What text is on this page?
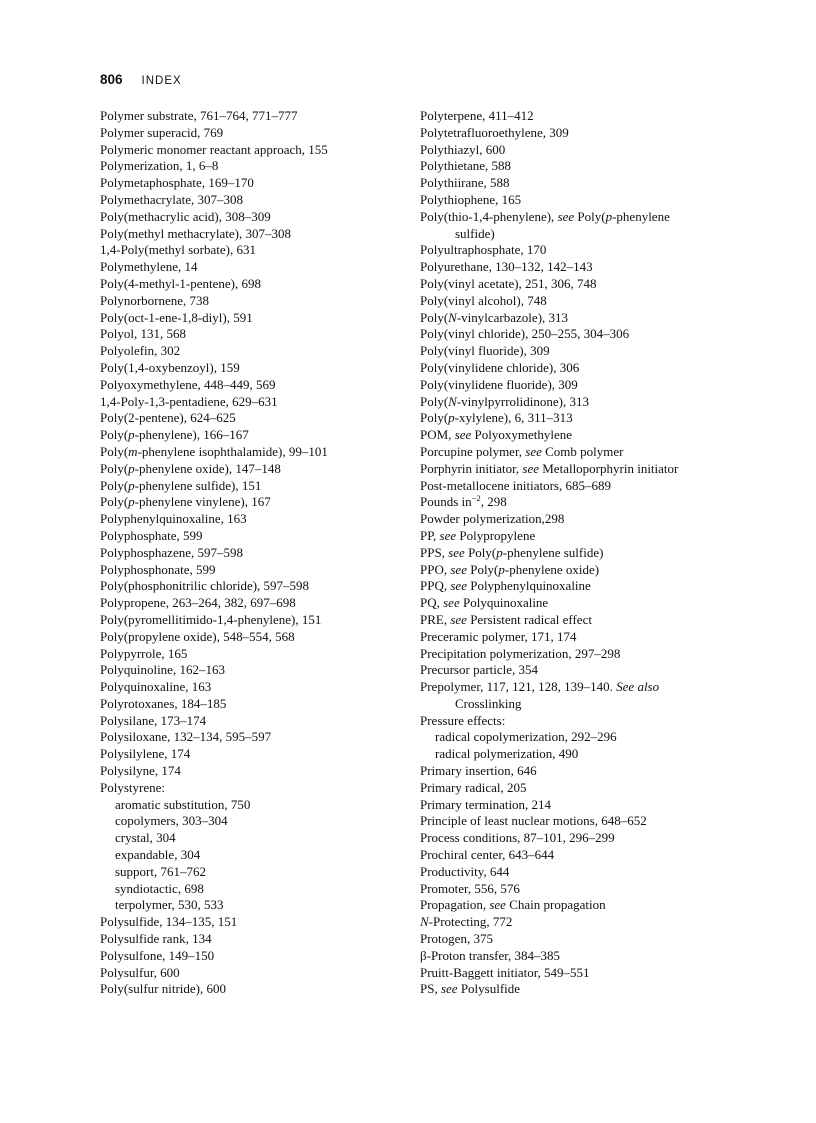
806 INDEX
Polymer substrate, 761–764, 771–777
Polymer superacid, 769
Polymeric monomer reactant approach, 155
Polymerization, 1, 6–8
Polymetaphosphate, 169–170
Polymethacrylate, 307–308
Poly(methacrylic acid), 308–309
Poly(methyl methacrylate), 307–308
1,4-Poly(methyl sorbate), 631
Polymethylene, 14
Poly(4-methyl-1-pentene), 698
Polynorbornene, 738
Poly(oct-1-ene-1,8-diyl), 591
Polyol, 131, 568
Polyolefin, 302
Poly(1,4-oxybenzoyl), 159
Polyoxymethylene, 448–449, 569
1,4-Poly-1,3-pentadiene, 629–631
Poly(2-pentene), 624–625
Poly(p-phenylene), 166–167
Poly(m-phenylene isophthalamide), 99–101
Poly(p-phenylene oxide), 147–148
Poly(p-phenylene sulfide), 151
Poly(p-phenylene vinylene), 167
Polyphenylquinoxaline, 163
Polyphosphate, 599
Polyphosphazene, 597–598
Polyphosphonate, 599
Poly(phosphonitrilic chloride), 597–598
Polypropene, 263–264, 382, 697–698
Poly(pyromellitimido-1,4-phenylene), 151
Poly(propylene oxide), 548–554, 568
Polypyrrole, 165
Polyquinoline, 162–163
Polyquinoxaline, 163
Polyrotoxanes, 184–185
Polysilane, 173–174
Polysiloxane, 132–134, 595–597
Polysilylene, 174
Polysilyne, 174
Polystyrene:
aromatic substitution, 750
copolymers, 303–304
crystal, 304
expandable, 304
support, 761–762
syndiotactic, 698
terpolymer, 530, 533
Polysulfide, 134–135, 151
Polysulfide rank, 134
Polysulfone, 149–150
Polysulfur, 600
Poly(sulfur nitride), 600
Polyterpene, 411–412
Polytetrafluoroethylene, 309
Polythiazyl, 600
Polythietane, 588
Polythiirane, 588
Polythiophene, 165
Poly(thio-1,4-phenylene), see Poly(p-phenylene
sulfide)
Polyultraphosphate, 170
Polyurethane, 130–132, 142–143
Poly(vinyl acetate), 251, 306, 748
Poly(vinyl alcohol), 748
Poly(N-vinylcarbazole), 313
Poly(vinyl chloride), 250–255, 304–306
Poly(vinyl fluoride), 309
Poly(vinylidene chloride), 306
Poly(vinylidene fluoride), 309
Poly(N-vinylpyrrolidinone), 313
Poly(p-xylylene), 6, 311–313
POM, see Polyoxymethylene
Porcupine polymer, see Comb polymer
Porphyrin initiator, see Metalloporphyrin initiator
Post-metallocene initiators, 685–689
Pounds $in^{-2}$, 298
Powder polymerization,298
PP, see Polypropylene
PPS, see Poly(p-phenylene sulfide)
PPO, see Poly(p-phenylene oxide)
PPQ, see Polyphenylquinoxaline
PQ, see Polyquinoxaline
PRE, see Persistent radical effect
Preceramic polymer, 171, 174
Precipitation polymerization, 297–298
Precursor particle, 354
Prepolymer, 117, 121, 128, 139–140. See also
Crosslinking
Pressure effects:
radical copolymerization, 292–296
radical polymerization, 490
Primary insertion, 646
Primary radical, 205
Primary termination, 214
Principle of least nuclear motions, 648–652
Process conditions, 87–101, 296–299
Prochiral center, 643–644
Productivity, 644
Promoter, 556, 576
Propagation, see Chain propagation
N-Protecting, 772
Protogen, 375
β-Proton transfer, 384–385
Pruitt-Baggett initiator, 549–551
PS, see Polysulfide
